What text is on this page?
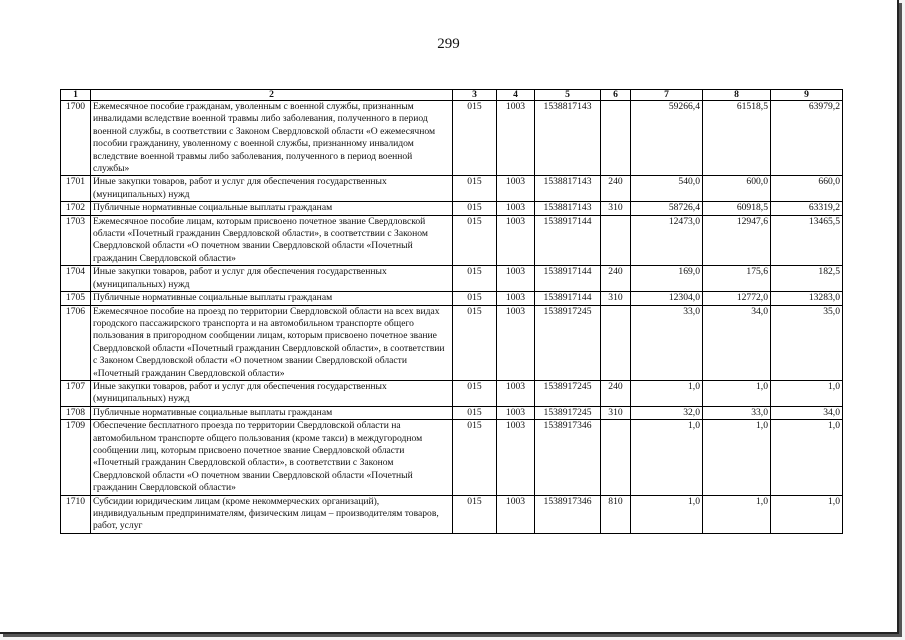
299
1	2	3	4	5	6	7	8	9
1700	Ежемесячное пособие гражданам, уволенным с военной службы, признанным инвалидами вследствие военной травмы либо заболевания, полученного в период военной службы, в соответствии с Законом Свердловской области «О ежемесячном пособии гражданину, уволенному с военной службы, признанному инвалидом вследствие военной травмы либо заболевания, полученного в период военной службы»	015	1003	1538817143		59266,4	61518,5	63979,2
1701	Иные закупки товаров, работ и услуг для обеспечения государственных (муниципальных) нужд	015	1003	1538817143	240	540,0	600,0	660,0
1702	Публичные нормативные социальные выплаты гражданам	015	1003	1538817143	310	58726,4	60918,5	63319,2
1703	Ежемесячное пособие лицам, которым присвоено почетное звание Свердловской области «Почетный гражданин Свердловской области», в соответствии с Законом Свердловской области «О почетном звании Свердловской области «Почетный гражданин Свердловской области»	015	1003	1538917144		12473,0	12947,6	13465,5
1704	Иные закупки товаров, работ и услуг для обеспечения государственных (муниципальных) нужд	015	1003	1538917144	240	169,0	175,6	182,5
1705	Публичные нормативные социальные выплаты гражданам	015	1003	1538917144	310	12304,0	12772,0	13283,0
1706	Ежемесячное пособие на проезд по территории Свердловской области на всех видах городского пассажирского транспорта и на автомобильном транспорте общего пользования в пригородном сообщении лицам, которым присвоено почетное звание Свердловской области «Почетный гражданин Свердловской области», в соответствии с Законом Свердловской области «О почетном звании Свердловской области «Почетный гражданин Свердловской области»	015	1003	1538917245		33,0	34,0	35,0
1707	Иные закупки товаров, работ и услуг для обеспечения государственных (муниципальных) нужд	015	1003	1538917245	240	1,0	1,0	1,0
1708	Публичные нормативные социальные выплаты гражданам	015	1003	1538917245	310	32,0	33,0	34,0
1709	Обеспечение бесплатного проезда по территории Свердловской области на автомобильном транспорте общего пользования (кроме такси) в междугородном сообщении лиц, которым присвоено почетное звание Свердловской области «Почетный гражданин Свердловской области», в соответствии с Законом Свердловской области «О почетном звании Свердловской области «Почетный гражданин Свердловской области»	015	1003	1538917346		1,0	1,0	1,0
1710	Субсидии юридическим лицам (кроме некоммерческих организаций), индивидуальным предпринимателям, физическим лицам – производителям товаров, работ, услуг	015	1003	1538917346	810	1,0	1,0	1,0
